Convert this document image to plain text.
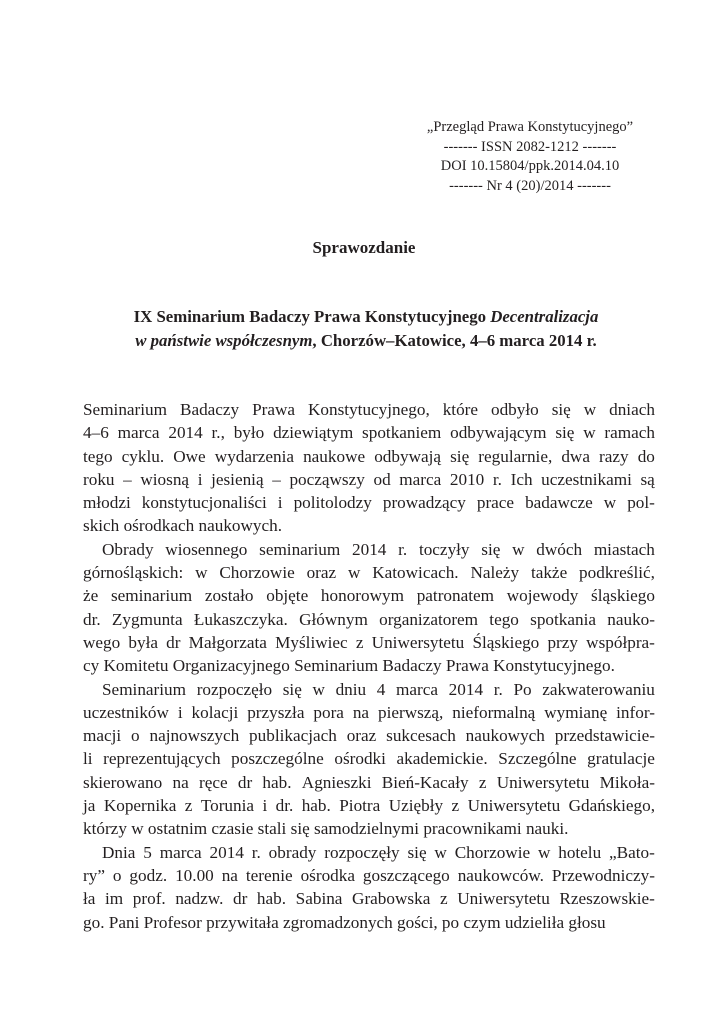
„Przegląd Prawa Konstytucyjnego”
------- ISSN 2082-1212 -------
DOI 10.15804/ppk.2014.04.10
------- Nr 4 (20)/2014 -------
Sprawozdanie
IX Seminarium Badaczy Prawa Konstytucyjnego Decentralizacja
w państwie współczesnym, Chorzów–Katowice, 4–6 marca 2014 r.
Seminarium Badaczy Prawa Konstytucyjnego, które odbyło się w dniach
4–6 marca 2014 r., było dziewiątym spotkaniem odbywającym się w ramach
tego cyklu. Owe wydarzenia naukowe odbywają się regularnie, dwa razy do
roku – wiosną i jesienią – począwszy od marca 2010 r. Ich uczestnikami są
młodzi konstytucjonaliści i politolodzy prowadzący prace badawcze w pol-
skich ośrodkach naukowych.
Obrady wiosennego seminarium 2014 r. toczyły się w dwóch miastach
górnośląskich: w Chorzowie oraz w Katowicach. Należy także podkreślić,
że seminarium zostało objęte honorowym patronatem wojewody śląskiego
dr. Zygmunta Łukaszczyka. Głównym organizatorem tego spotkania nauko-
wego była dr Małgorzata Myśliwiec z Uniwersytetu Śląskiego przy współpra-
cy Komitetu Organizacyjnego Seminarium Badaczy Prawa Konstytucyjnego.
Seminarium rozpoczęło się w dniu 4 marca 2014 r. Po zakwaterowaniu
uczestników i kolacji przyszła pora na pierwszą, nieformalną wymianę infor-
macji o najnowszych publikacjach oraz sukcesach naukowych przedstawicie-
li reprezentujących poszczególne ośrodki akademickie. Szczególne gratulacje
skierowano na ręce dr hab. Agnieszki Bień-Kacały z Uniwersytetu Mikoła-
ja Kopernika z Torunia i dr. hab. Piotra Uziębły z Uniwersytetu Gdańskiego,
którzy w ostatnim czasie stali się samodzielnymi pracownikami nauki.
Dnia 5 marca 2014 r. obrady rozpoczęły się w Chorzowie w hotelu „Bato-
ry” o godz. 10.00 na terenie ośrodka goszczącego naukowców. Przewodniczy-
ła im prof. nadzw. dr hab. Sabina Grabowska z Uniwersytetu Rzeszowskie-
go. Pani Profesor przywitała zgromadzonych gości, po czym udzieliła głosu
